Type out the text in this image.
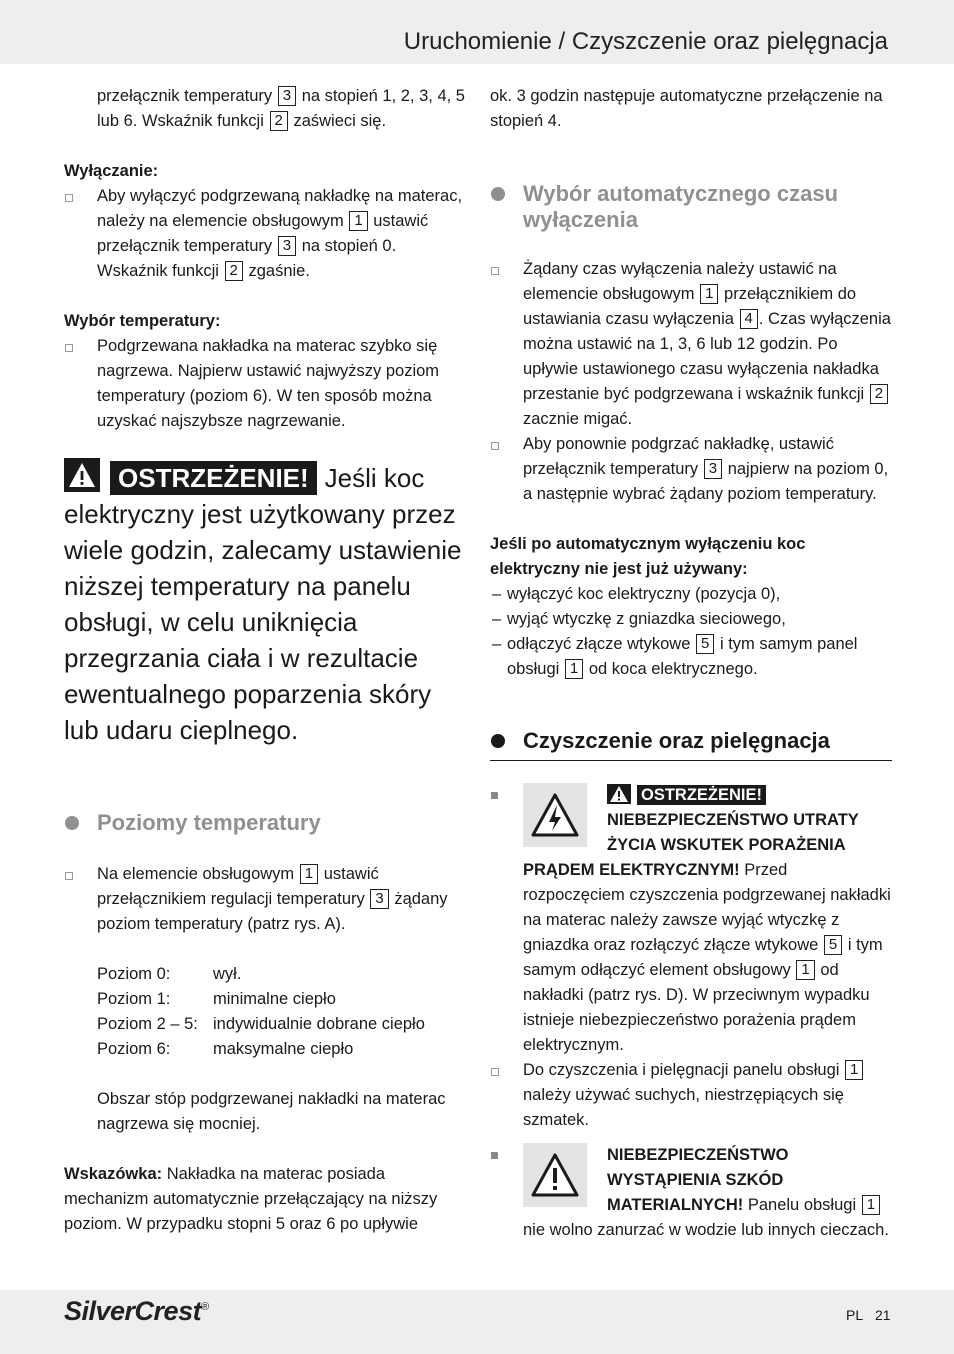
Uruchomienie / Czyszczenie oraz pielęgnacja

przełącznik temperatury 3 na stopień 1, 2, 3, 4, 5 lub 6. Wskaźnik funkcji 2 zaświeci się.

Wyłączanie:

Aby wyłączyć podgrzewaną nakładkę na materac, należy na elemencie obsługowym 1 ustawić przełącznik temperatury 3 na stopień 0. Wskaźnik funkcji 2 zgaśnie.

Wybór temperatury:

Podgrzewana nakładka na materac szybko się nagrzewa. Najpierw ustawić najwyższy poziom temperatury (poziom 6). W ten sposób można uzyskać najszybsze nagrzewanie.

OSTRZEŻENIE! Jeśli koc elektryczny jest użytkowany przez wiele godzin, zalecamy ustawienie niższej temperatury na panelu obsługi, w celu uniknięcia przegrzania ciała i w rezultacie ewentualnego poparzenia skóry lub udaru cieplnego.

Poziomy temperatury

Na elemencie obsługowym 1 ustawić przełącznikiem regulacji temperatury 3 żądany poziom temperatury (patrz rys. A).

Poziom 0:	wył.
Poziom 1:	minimalne ciepło
Poziom 2 – 5: indywidualnie dobrane ciepło
Poziom 6:	maksymalne ciepło

Obszar stóp podgrzewanej nakładki na materac nagrzewa się mocniej.

Wskazówka: Nakładka na materac posiada mechanizm automatycznie przełączający na niższy poziom. W przypadku stopni 5 oraz 6 po upływie

ok. 3 godzin następuje automatyczne przełączenie na stopień 4.

Wybór automatycznego czasu wyłączenia

Żądany czas wyłączenia należy ustawić na elemencie obsługowym 1 przełącznikiem do ustawiania czasu wyłączenia 4 . Czas wyłączenia można ustawić na 1, 3, 6 lub 12 godzin. Po upływie ustawionego czasu wyłączenia nakładka przestanie być podgrzewana i wskaźnik funkcji 2 zacznie migać.

Aby ponownie podgrzać nakładkę, ustawić przełącznik temperatury 3 najpierw na poziom 0, a następnie wybrać żądany poziom temperatury.

Jeśli po automatycznym wyłączeniu koc elektryczny nie jest już używany:

– wyłączyć koc elektryczny (pozycja 0),

– wyjąć wtyczkę z gniazdka sieciowego,

– odłączyć złącze wtykowe 5 i tym samym panel obsługi 1 od koca elektrycznego.

Czyszczenie oraz pielęgnacja

OSTRZEŻENIE! NIEBEZPIECZEŃSTWO UTRATY ŻYCIA WSKUTEK PORAŻENIA PRĄDEM ELEKTRYCZNYM! Przed rozpoczęciem czyszczenia podgrzewanej nakładki na materac należy zawsze wyjąć wtyczkę z gniazdka oraz rozłączyć złącze wtykowe 5 i tym samym odłączyć element obsługowy 1 od nakładki (patrz rys. D). W przeciwnym wypadku istnieje niebezpieczeństwo porażenia prądem elektrycznym.

Do czyszczenia i pielęgnacji panelu obsługi 1 należy używać suchych, niestrzępiących się szmatek.

NIEBEZPIECZEŃSTWO WYSTĄPIENIA SZKÓD MATERIALNYCH! Panelu obsługi 1 nie wolno zanurzać w wodzie lub innych cieczach.
SilverCrest®	PL 21
